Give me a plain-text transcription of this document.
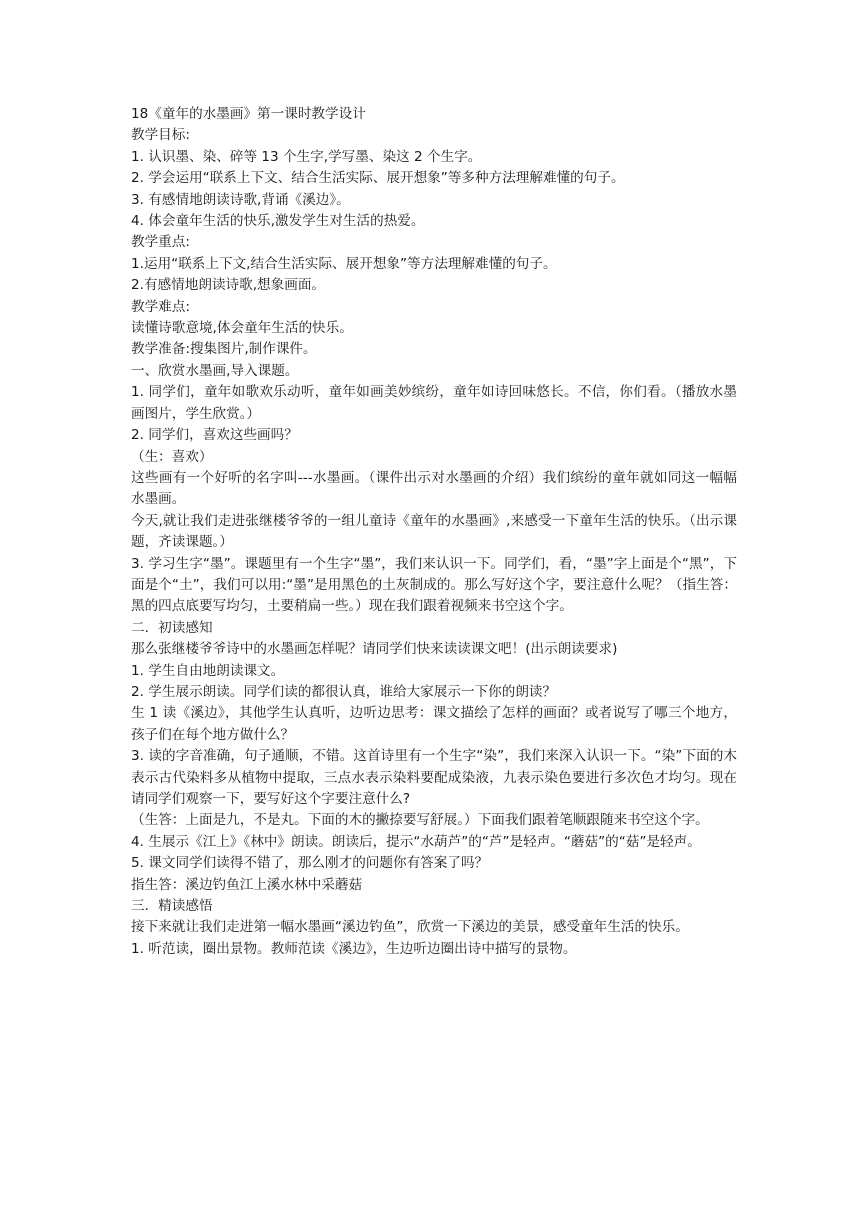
18《童年的水墨画》第一课时教学设计

教学目标:

1. 认识墨、染、碎等 13 个生字,学写墨、染这 2 个生字。

2. 学会运用“联系上下文、结合生活实际、展开想象”等多种方法理解难懂的句子。

3. 有感情地朗读诗歌,背诵《溪边》。

4. 体会童年生活的快乐,激发学生对生活的热爱。

教学重点:

1.运用“联系上下文,结合生活实际、展开想象”等方法理解难懂的句子。

2.有感情地朗读诗歌,想象画面。

教学难点:

读懂诗歌意境,体会童年生活的快乐。

教学准备:搜集图片,制作课件。

一、欣赏水墨画,导入课题。

1. 同学们，童年如歌欢乐动听，童年如画美妙缤纷，童年如诗回味悠长。不信，你们看。（播放水墨画图片，学生欣赏。）

2. 同学们，喜欢这些画吗？

（生：喜欢）

这些画有一个好听的名字叫---水墨画。（课件出示对水墨画的介绍）我们缤纷的童年就如同这一幅幅水墨画。

今天,就让我们走进张继楼爷爷的一组儿童诗《童年的水墨画》,来感受一下童年生活的快乐。（出示课题，齐读课题。）

3. 学习生字“墨”。课题里有一个生字“墨”，我们来认识一下。同学们，看，“墨”字上面是个“黑”，下面是个“土”，我们可以用:“墨”是用黑色的土灰制成的。那么写好这个字，要注意什么呢？（指生答：黑的四点底要写均匀，土要稍扁一些。）现在我们跟着视频来书空这个字。

二．初读感知

那么张继楼爷爷诗中的水墨画怎样呢？请同学们快来读读课文吧！(出示朗读要求)

1. 学生自由地朗读课文。

2. 学生展示朗读。同学们读的都很认真，谁给大家展示一下你的朗读？

生 1 读《溪边》，其他学生认真听，边听边思考：课文描绘了怎样的画面？或者说写了哪三个地方，孩子们在每个地方做什么？

3. 读的字音准确，句子通顺，不错。这首诗里有一个生字“染”，我们来深入认识一下。“染”下面的木表示古代染料多从植物中提取，三点水表示染料要配成染液，九表示染色要进行多次色才均匀。现在请同学们观察一下，要写好这个字要注意什么?

（生答：上面是九，不是丸。下面的木的撇捺要写舒展。）下面我们跟着笔顺跟随来书空这个字。

4. 生展示《江上》《林中》朗读。朗读后，提示“水葫芦”的“芦”是轻声。“蘑菇”的“菇”是轻声。

5. 课文同学们读得不错了，那么刚才的问题你有答案了吗？

指生答：溪边钓鱼江上溪水林中采蘑菇

三．精读感悟

接下来就让我们走进第一幅水墨画“溪边钓鱼”，欣赏一下溪边的美景，感受童年生活的快乐。

1. 听范读，圈出景物。教师范读《溪边》，生边听边圈出诗中描写的景物。
